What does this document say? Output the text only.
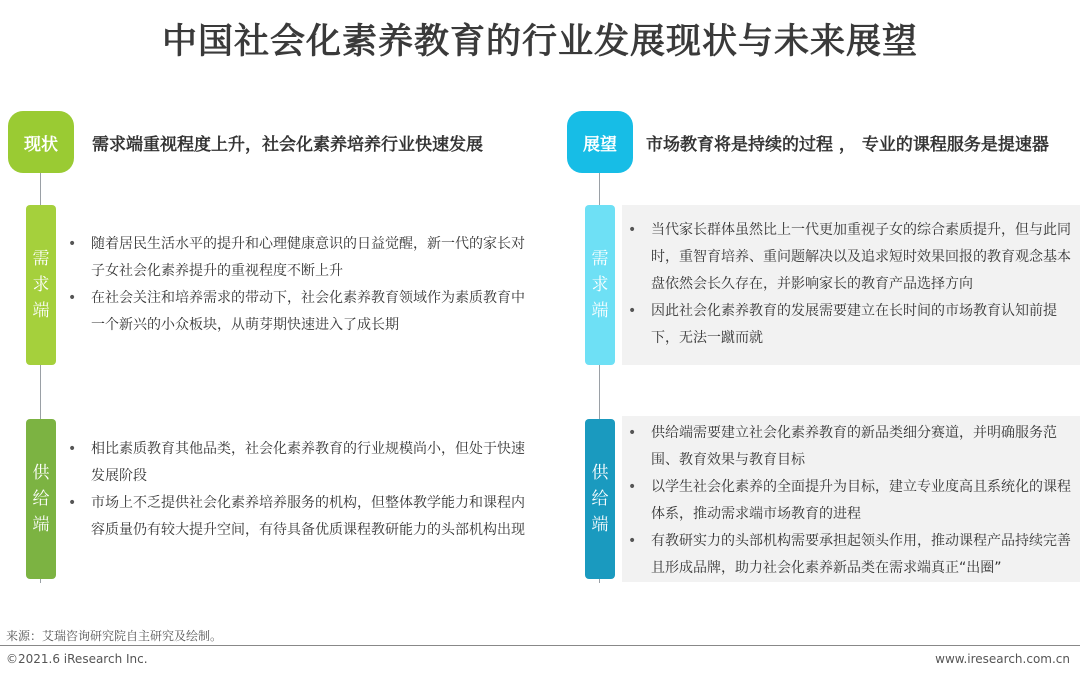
中国社会化素养教育的行业发展现状与未来展望
现状	需求端重视程度上升，社会化素养培养行业快速发展
需
求
端
• 随着居民生活水平的提升和心理健康意识的日益觉醒，新一代的家长对子女社会化素养提升的重视程度不断上升
• 在社会关注和培养需求的带动下，社会化素养教育领域作为素质教育中一个新兴的小众板块，从萌芽期快速进入了成长期
供
给
端
• 相比素质教育其他品类，社会化素养教育的行业规模尚小，但处于快速发展阶段
• 市场上不乏提供社会化素养培养服务的机构，但整体教学能力和课程内容质量仍有较大提升空间，有待具备优质课程教研能力的头部机构出现
展望	市场教育将是持续的过程 ， 专业的课程服务是提速器
需
求
端
• 当代家长群体虽然比上一代更加重视子女的综合素质提升，但与此同时，重智育培养、重问题解决以及追求短时效果回报的教育观念基本盘依然会长久存在，并影响家长的教育产品选择方向
• 因此社会化素养教育的发展需要建立在长时间的市场教育认知前提下，无法一蹴而就
供
给
端
• 供给端需要建立社会化素养教育的新品类细分赛道，并明确服务范围、教育效果与教育目标
• 以学生社会化素养的全面提升为目标，建立专业度高且系统化的课程体系，推动需求端市场教育的进程
• 有教研实力的头部机构需要承担起领头作用，推动课程产品持续完善且形成品牌，助力社会化素养新品类在需求端真正“出圈”
来源：艾瑞咨询研究院自主研究及绘制。
©2021.6 iResearch Inc.	www.iresearch.com.cn
